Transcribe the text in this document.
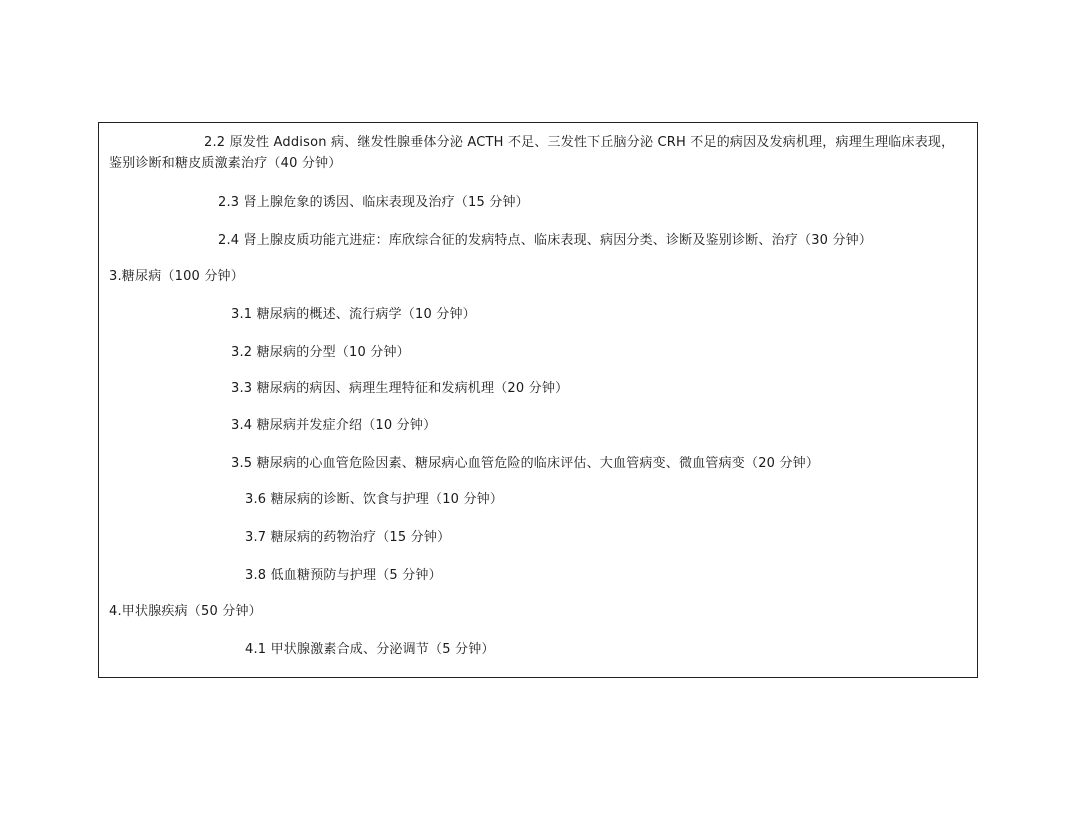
2.2 原发性 Addison 病、继发性腺垂体分泌 ACTH 不足、三发性下丘脑分泌 CRH 不足的病因及发病机理，病理生理临床表现，鉴别诊断和糖皮质激素治疗（40 分钟）
2.3 肾上腺危象的诱因、临床表现及治疗（15 分钟）
2.4 肾上腺皮质功能亢进症：库欣综合征的发病特点、临床表现、病因分类、诊断及鉴别诊断、治疗（30 分钟）
3.糖尿病（100 分钟）
3.1 糖尿病的概述、流行病学（10 分钟）
3.2 糖尿病的分型（10 分钟）
3.3 糖尿病的病因、病理生理特征和发病机理（20 分钟）
3.4 糖尿病并发症介绍（10 分钟）
3.5 糖尿病的心血管危险因素、糖尿病心血管危险的临床评估、大血管病变、微血管病变（20 分钟）
3.6 糖尿病的诊断、饮食与护理（10 分钟）
3.7 糖尿病的药物治疗（15 分钟）
3.8 低血糖预防与护理（5 分钟）
4.甲状腺疾病（50 分钟）
4.1 甲状腺激素合成、分泌调节（5 分钟）
